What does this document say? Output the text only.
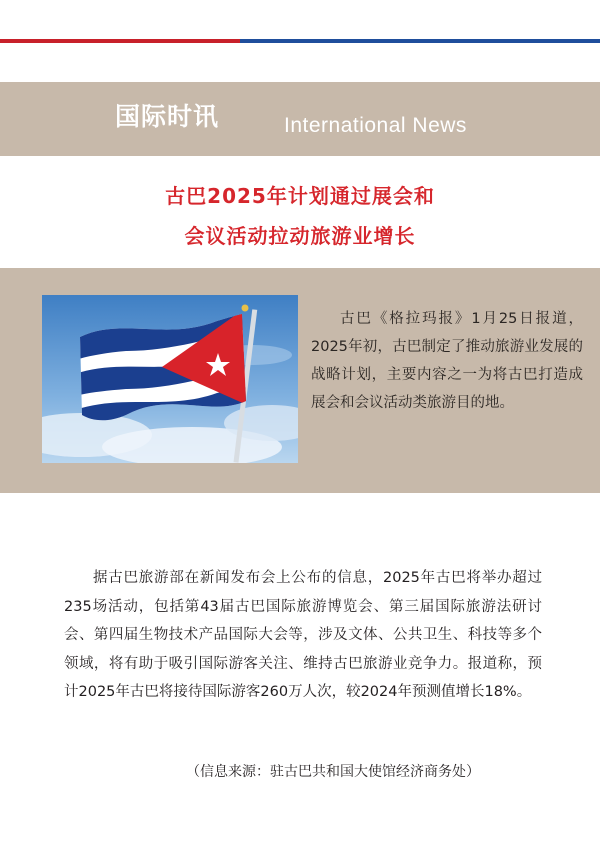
国际时讯	International News
古巴2025年计划通过展会和
会议活动拉动旅游业增长
古巴《格拉玛报》1月25日报道，2025年初，古巴制定了推动旅游业发展的战略计划，主要内容之一为将古巴打造成展会和会议活动类旅游目的地。
据古巴旅游部在新闻发布会上公布的信息，2025年古巴将举办超过235场活动，包括第43届古巴国际旅游博览会、第三届国际旅游法研讨会、第四届生物技术产品国际大会等，涉及文体、公共卫生、科技等多个领域，将有助于吸引国际游客关注、维持古巴旅游业竞争力。报道称，预计2025年古巴将接待国际游客260万人次，较2024年预测值增长18%。
（信息来源：驻古巴共和国大使馆经济商务处）
